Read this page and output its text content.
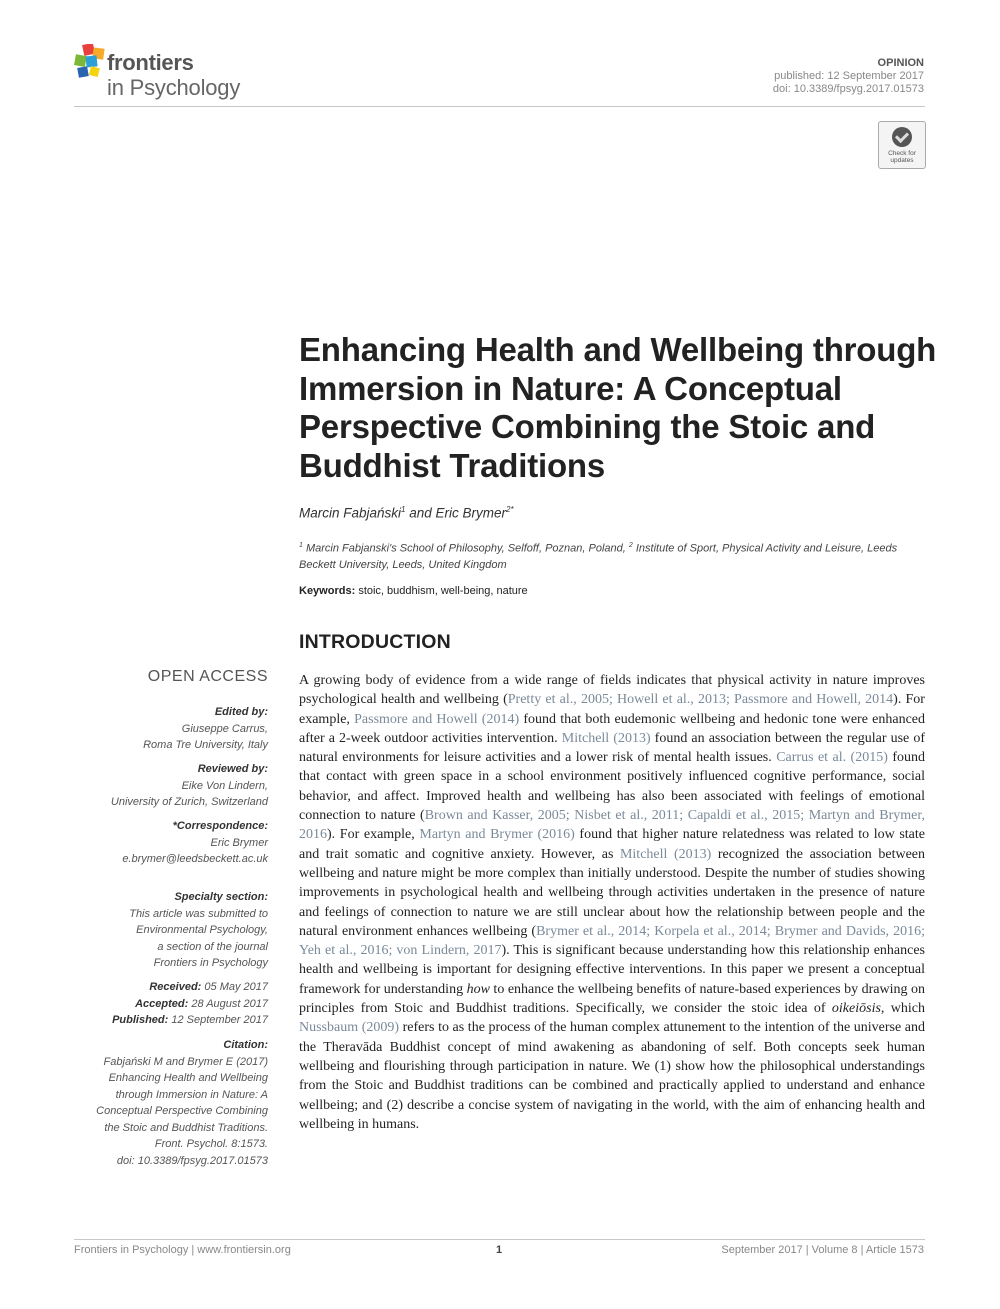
frontiers
in Psychology
OPINION
published: 12 September 2017
doi: 10.3389/fpsyg.2017.01573
Check for updates
Enhancing Health and Wellbeing through Immersion in Nature: A Conceptual Perspective Combining the Stoic and Buddhist Traditions
Marcin Fabjański$^1$ and Eric Brymer$^{2*}$
$^1$ Marcin Fabjanski's School of Philosophy, Selfoff, Poznan, Poland, $^2$ Institute of Sport, Physical Activity and Leisure, Leeds Beckett University, Leeds, United Kingdom
Keywords: stoic, buddhism, well-being, nature
INTRODUCTION
A growing body of evidence from a wide range of fields indicates that physical activity in nature improves psychological health and wellbeing (Pretty et al., 2005; Howell et al., 2013; Passmore and Howell, 2014). For example, Passmore and Howell (2014) found that both eudemonic wellbeing and hedonic tone were enhanced after a 2-week outdoor activities intervention. Mitchell (2013) found an association between the regular use of natural environments for leisure activities and a lower risk of mental health issues. Carrus et al. (2015) found that contact with green space in a school environment positively influenced cognitive performance, social behavior, and affect. Improved health and wellbeing has also been associated with feelings of emotional connection to nature (Brown and Kasser, 2005; Nisbet et al., 2011; Capaldi et al., 2015; Martyn and Brymer, 2016). For example, Martyn and Brymer (2016) found that higher nature relatedness was related to low state and trait somatic and cognitive anxiety. However, as Mitchell (2013) recognized the association between wellbeing and nature might be more complex than initially understood. Despite the number of studies showing improvements in psychological health and wellbeing through activities undertaken in the presence of nature and feelings of connection to nature we are still unclear about how the relationship between people and the natural environment enhances wellbeing (Brymer et al., 2014; Korpela et al., 2014; Brymer and Davids, 2016; Yeh et al., 2016; von Lindern, 2017). This is significant because understanding how this relationship enhances health and wellbeing is important for designing effective interventions. In this paper we present a conceptual framework for understanding how to enhance the wellbeing benefits of nature-based experiences by drawing on principles from Stoic and Buddhist traditions. Specifically, we consider the stoic idea of oikeiōsis, which Nussbaum (2009) refers to as the process of the human complex attunement to the intention of the universe and the Theravāda Buddhist concept of mind awakening as abandoning of self. Both concepts seek human wellbeing and flourishing through participation in nature. We (1) show how the philosophical understandings from the Stoic and Buddhist traditions can be combined and practically applied to understand and enhance wellbeing; and (2) describe a concise system of navigating in the world, with the aim of enhancing health and wellbeing in humans.
OPEN ACCESS
Edited by:
Giuseppe Carrus,
Roma Tre University, Italy
Reviewed by:
Eike Von Lindern,
University of Zurich, Switzerland
*Correspondence:
Eric Brymer
e.brymer@leedsbeckett.ac.uk
Specialty section:
This article was submitted to
Environmental Psychology,
a section of the journal
Frontiers in Psychology
Received: 05 May 2017
Accepted: 28 August 2017
Published: 12 September 2017
Citation:
Fabjański M and Brymer E (2017)
Enhancing Health and Wellbeing
through Immersion in Nature: A
Conceptual Perspective Combining
the Stoic and Buddhist Traditions.
Front. Psychol. 8:1573.
doi: 10.3389/fpsyg.2017.01573
Frontiers in Psychology | www.frontiersin.org	1	September 2017 | Volume 8 | Article 1573
